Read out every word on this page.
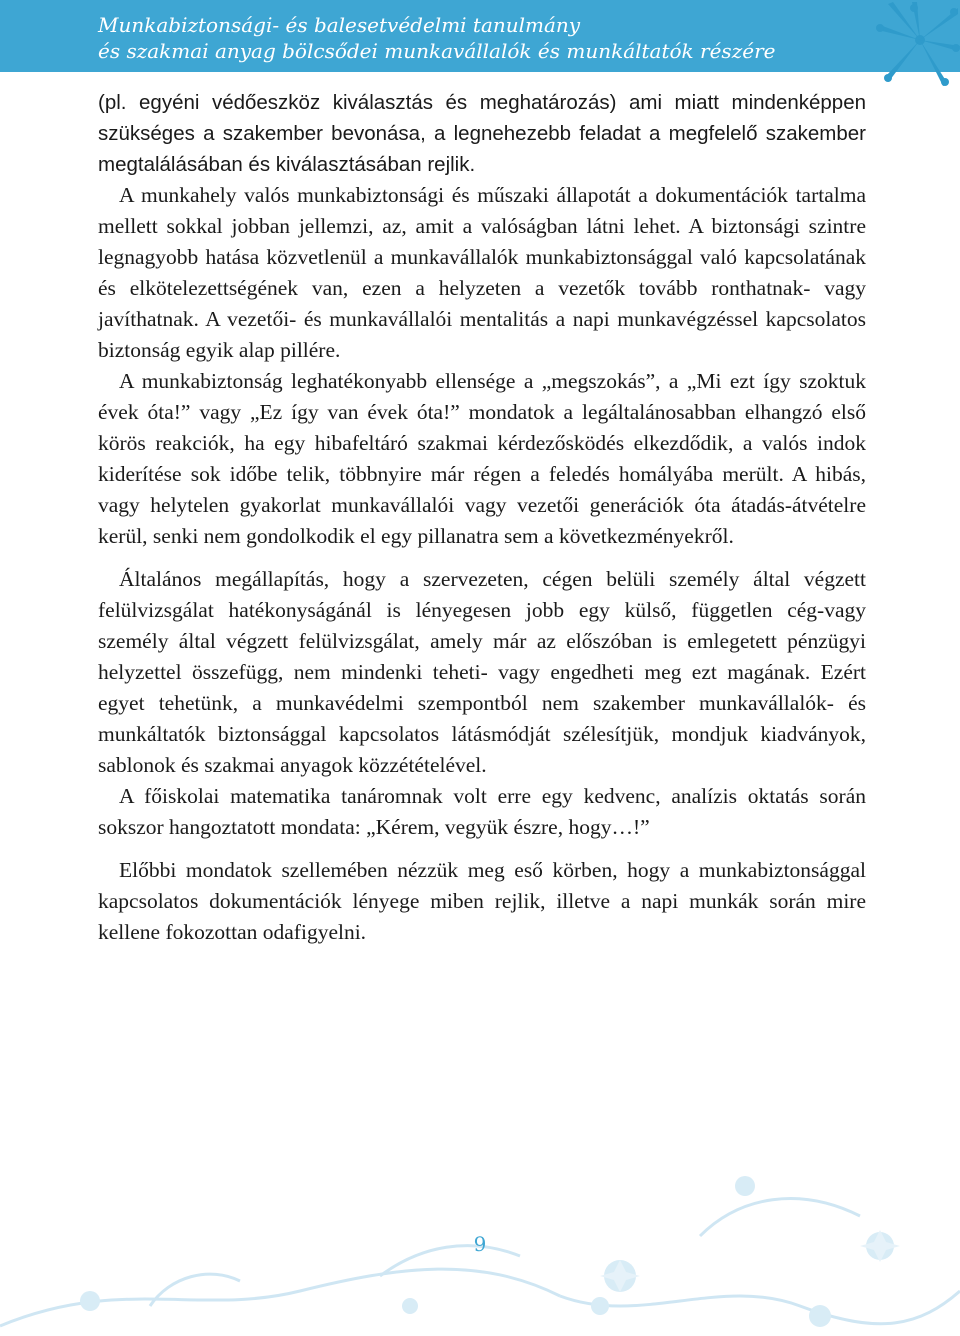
Munkabiztonsági- és balesetvédelmi tanulmány
és szakmai anyag bölcsődei munkavállalók és munkáltatók részére

(pl. egyéni védőeszköz kiválasztás és meghatározás) ami miatt mindenképpen szükséges a szakember bevonása, a legnehezebb feladat a megfelelő szakember megtalálásában és kiválasztásában rejlik.

A munkahely valós munkabiztonsági és műszaki állapotát a dokumentációk tartalma mellett sokkal jobban jellemzi, az, amit a valóságban látni lehet. A biztonsági szintre legnagyobb hatása közvetlenül a munkavállalók munkabiztonsággal való kapcsolatának és elkötelezettségének van, ezen a helyzeten a vezetők tovább ronthatnak- vagy javíthatnak. A vezetői- és munkavállalói mentalitás a napi munkavégzéssel kapcsolatos biztonság egyik alap pillére.

A munkabiztonság leghatékonyabb ellensége a „megszokás”, a „Mi ezt így szoktuk évek óta!” vagy „Ez így van évek óta!” mondatok a legáltalánosabban elhangzó első körös reakciók, ha egy hibafeltáró szakmai kérdezősködés elkezdődik, a valós indok kiderítése sok időbe telik, többnyire már régen a feledés homályába merült. A hibás, vagy helytelen gyakorlat munkavállalói vagy vezetői generációk óta átadás-átvételre kerül, senki nem gondolkodik el egy pillanatra sem a következményekről.

Általános megállapítás, hogy a szervezeten, cégen belüli személy által végzett felülvizsgálat hatékonyságánál is lényegesen jobb egy külső, független cég-vagy személy által végzett felülvizsgálat, amely már az előszóban is emlegetett pénzügyi helyzettel összefügg, nem mindenki teheti- vagy engedheti meg ezt magának. Ezért egyet tehetünk, a munkavédelmi szempontból nem szakember munkavállalók- és munkáltatók biztonsággal kapcsolatos látásmódját szélesítjük, mondjuk kiadványok, sablonok és szakmai anyagok közzétételével.

A főiskolai matematika tanáromnak volt erre egy kedvenc, analízis oktatás során sokszor hangoztatott mondata: „Kérem, vegyük észre, hogy…!”

Előbbi mondatok szellemében nézzük meg eső körben, hogy a munkabiztonsággal kapcsolatos dokumentációk lényege miben rejlik, illetve a napi munkák során mire kellene fokozottan odafigyelni.

9
